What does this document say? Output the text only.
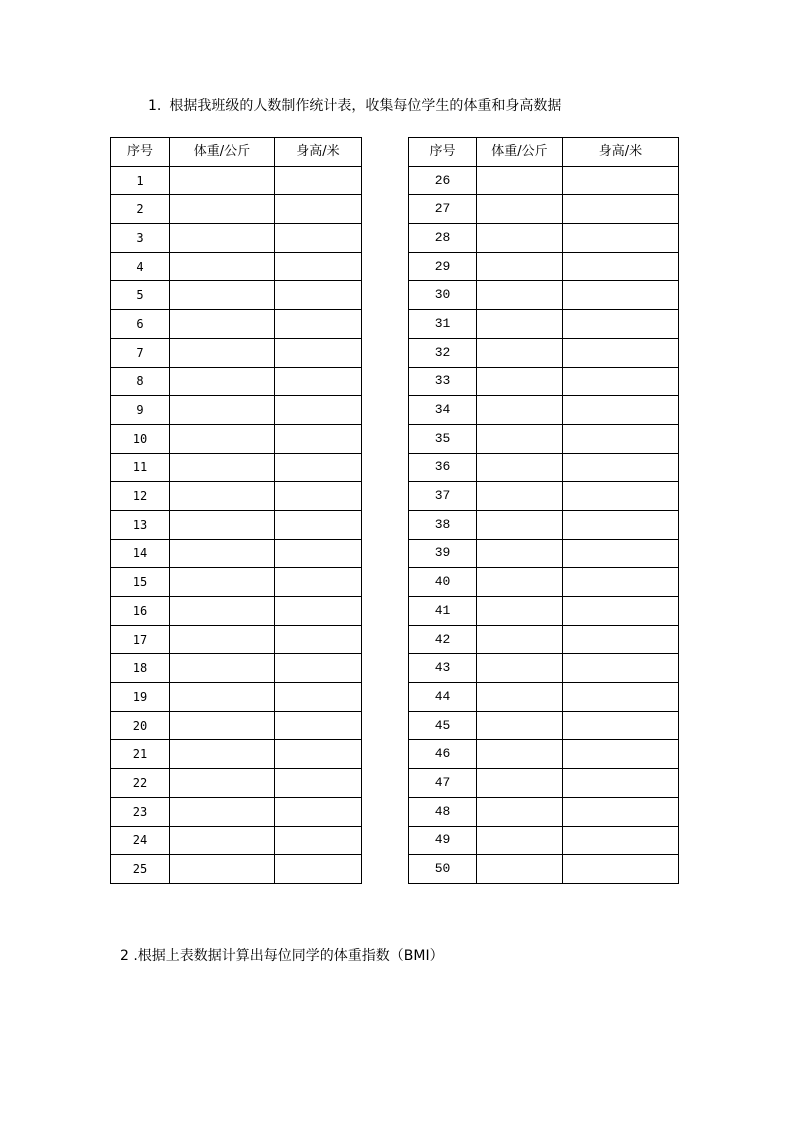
1. 根据我班级的人数制作统计表，收集每位学生的体重和身高数据
序号	体重/公斤	身高/米
1		
2		
3		
4		
5		
6		
7		
8		
9		
10		
11		
12		
13		
14		
15		
16		
17		
18		
19		
20		
21		
22		
23		
24		
25		
序号	体重/公斤	身高/米
26		
27		
28		
29		
30		
31		
32		
33		
34		
35		
36		
37		
38		
39		
40		
41		
42		
43		
44		
45		
46		
47		
48		
49		
50		
2 .根据上表数据计算出每位同学的体重指数（BMI）
